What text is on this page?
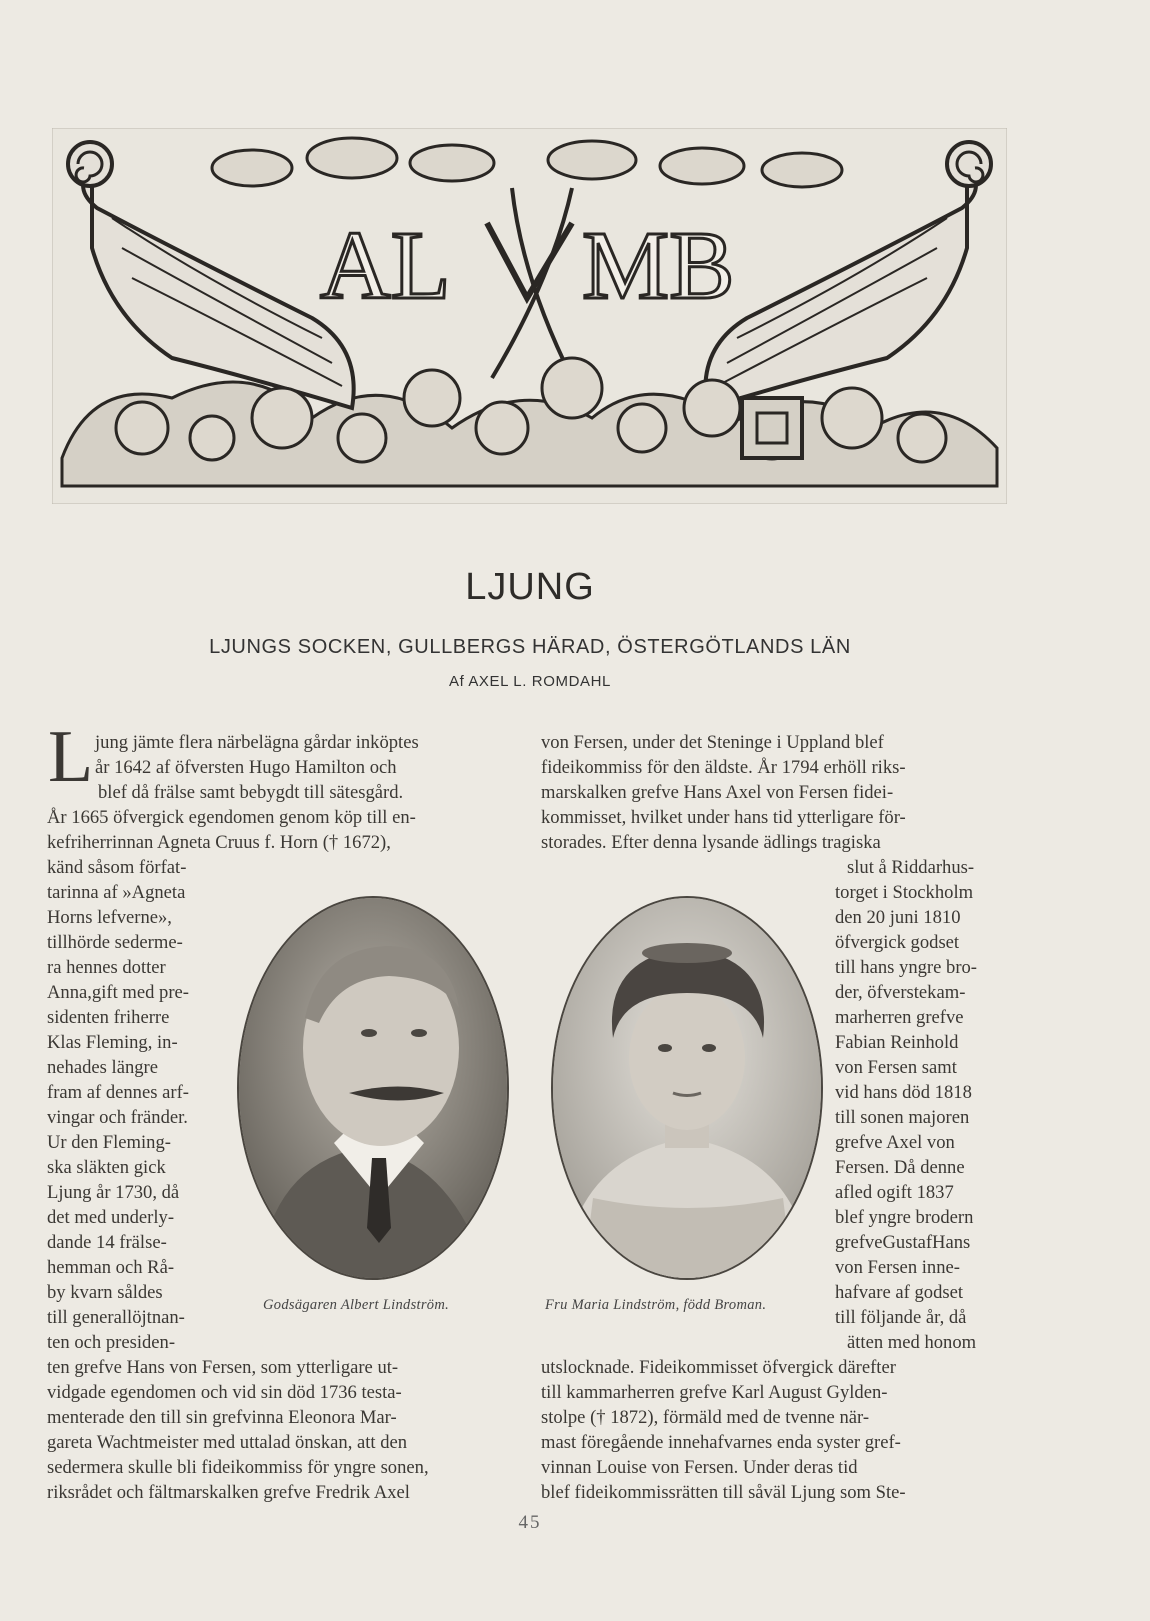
AL MB
LJUNG
LJUNGS SOCKEN, GULLBERGS HÄRAD, ÖSTERGÖTLANDS LÄN
Af AXEL L. ROMDAHL
L jung jämte flera närbelägna gårdar inköptes
år 1642 af öfversten Hugo Hamilton och
blef då frälse samt bebygdt till sätesgård.
År 1665 öfvergick egendomen genom köp till en-
kefriherrinnan Agneta Cruus f. Horn († 1672),
känd såsom förfat-
tarinna af »Agneta
Horns lefverne»,
tillhörde sederme-
ra hennes dotter
Anna,gift med pre-
sidenten friherre
Klas Fleming, in-
nehades längre
fram af dennes arf-
vingar och fränder.
Ur den Fleming-
ska släkten gick
Ljung år 1730, då
det med underly-
dande 14 frälse-
hemman och Rå-
by kvarn såldes
till generallöjtnan-
ten och presiden-
ten grefve Hans von Fersen, som ytterligare ut-
vidgade egendomen och vid sin död 1736 testa-
menterade den till sin grefvinna Eleonora Mar-
gareta Wachtmeister med uttalad önskan, att den
sedermera skulle bli fideikommiss för yngre sonen,
riksrådet och fältmarskalken grefve Fredrik Axel
von Fersen, under det Steninge i Uppland blef
fideikommiss för den äldste. År 1794 erhöll riks-
marskalken grefve Hans Axel von Fersen fidei-
kommisset, hvilket under hans tid ytterligare för-
storades. Efter denna lysande ädlings tragiska
slut å Riddarhus-
torget i Stockholm
den 20 juni 1810
öfvergick godset
till hans yngre bro-
der, öfverstekam-
marherren grefve
Fabian Reinhold
von Fersen samt
vid hans död 1818
till sonen majoren
grefve Axel von
Fersen. Då denne
afled ogift 1837
blef yngre brodern
grefveGustafHans
von Fersen inne-
hafvare af godset
till följande år, då
ätten med honom
utslocknade. Fideikommisset öfvergick därefter
till kammarherren grefve Karl August Gylden-
stolpe († 1872), förmäld med de tvenne när-
mast föregående innehafvarnes enda syster gref-
vinnan Louise von Fersen. Under deras tid
blef fideikommissrätten till såväl Ljung som Ste-
Godsägaren Albert Lindström.	Fru Maria Lindström, född Broman.
45
